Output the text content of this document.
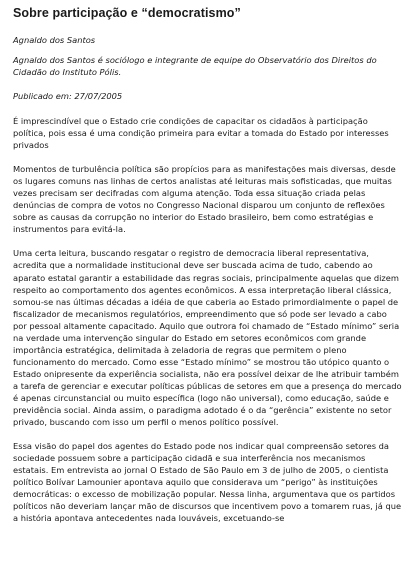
Sobre participação e “democratismo”

Agnaldo dos Santos

Agnaldo dos Santos é sociólogo e integrante de equipe do Observatório dos Direitos do Cidadão do Instituto Pólis.

Publicado em: 27/07/2005

É imprescindível que o Estado crie condições de capacitar os cidadãos à participação política, pois essa é uma condição primeira para evitar a tomada do Estado por interesses privados

Momentos de turbulência política são propícios para as manifestações mais diversas, desde os lugares comuns nas linhas de certos analistas até leituras mais sofisticadas, que muitas vezes precisam ser decifradas com alguma atenção. Toda essa situação criada pelas denúncias de compra de votos no Congresso Nacional disparou um conjunto de reflexões sobre as causas da corrupção no interior do Estado brasileiro, bem como estratégias e instrumentos para evitá-la.

Uma certa leitura, buscando resgatar o registro de democracia liberal representativa, acredita que a normalidade institucional deve ser buscada acima de tudo, cabendo ao aparato estatal garantir a estabilidade das regras sociais, principalmente aquelas que dizem respeito ao comportamento dos agentes econômicos. A essa interpretação liberal clássica, somou-se nas últimas décadas a idéia de que caberia ao Estado primordialmente o papel de fiscalizador de mecanismos regulatórios, empreendimento que só pode ser levado a cabo por pessoal altamente capacitado. Aquilo que outrora foi chamado de “Estado mínimo” seria na verdade uma intervenção singular do Estado em setores econômicos com grande importância estratégica, delimitada à zeladoria de regras que permitem o pleno funcionamento do mercado. Como esse “Estado mínimo” se mostrou tão utópico quanto o Estado onipresente da experiência socialista, não era possível deixar de lhe atribuir também a tarefa de gerenciar e executar políticas públicas de setores em que a presença do mercado é apenas circunstancial ou muito específica (logo não universal), como educação, saúde e previdência social. Ainda assim, o paradigma adotado é o da “gerência” existente no setor privado, buscando com isso um perfil o menos político possível.

Essa visão do papel dos agentes do Estado pode nos indicar qual compreensão setores da sociedade possuem sobre a participação cidadã e sua interferência nos mecanismos estatais. Em entrevista ao jornal O Estado de São Paulo em 3 de julho de 2005, o cientista político Bolívar Lamounier apontava aquilo que considerava um “perigo” às instituições democráticas: o excesso de mobilização popular. Nessa linha, argumentava que os partidos políticos não deveriam lançar mão de discursos que incentivem povo a tomarem ruas, já que a história apontava antecedentes nada louváveis, excetuando-se
